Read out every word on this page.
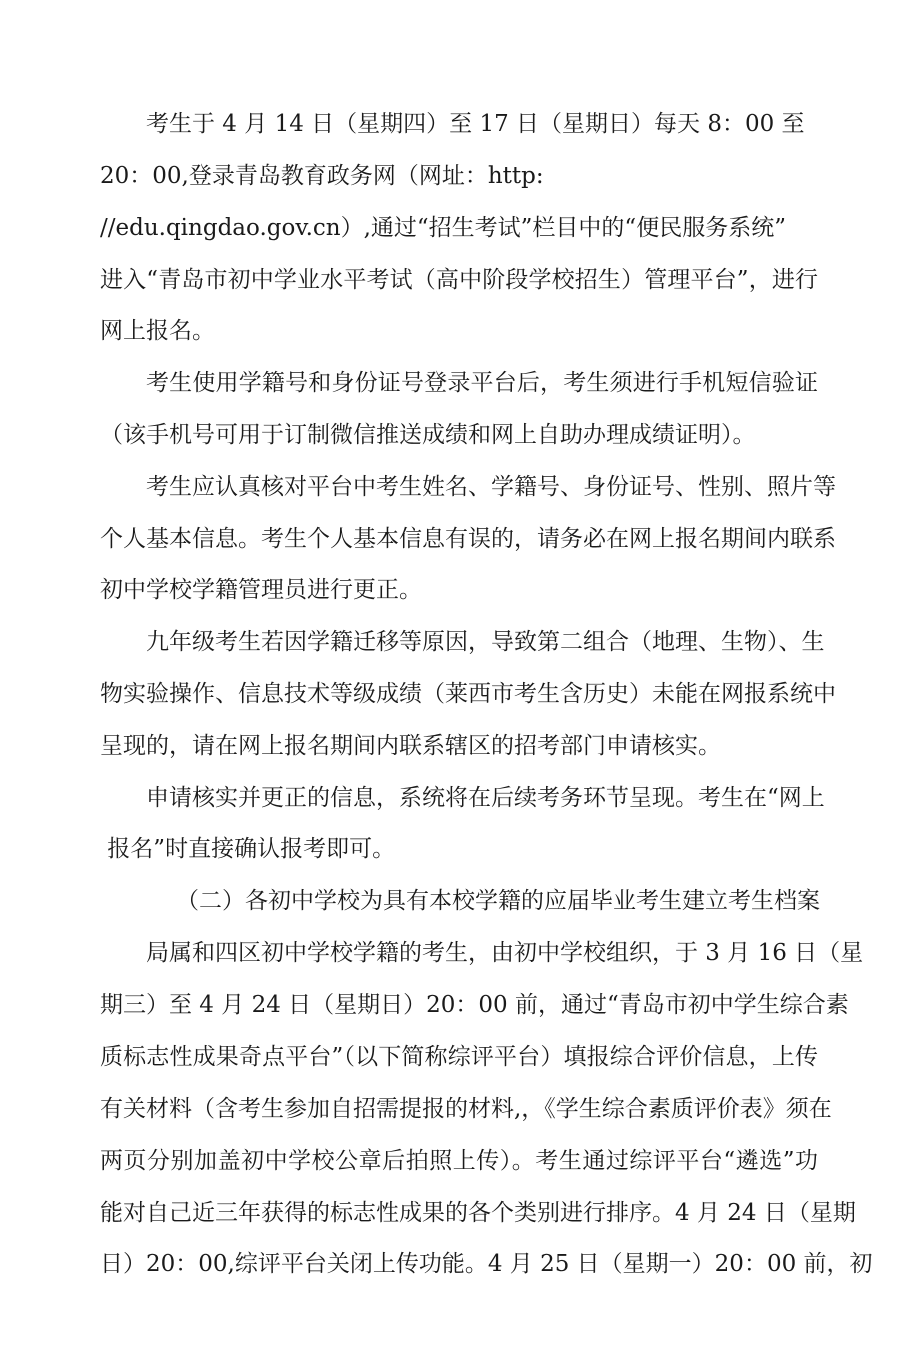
考生于 4 月 14 日（星期四）至 17 日（星期日）每天 8：00 至
20：00,登录青岛教育政务网（网址：http:
//edu.qingdao.gov.cn）,通过“招生考试”栏目中的“便民服务系统”
进入“青岛市初中学业水平考试（高中阶段学校招生）管理平台”，进行
网上报名。
考生使用学籍号和身份证号登录平台后，考生须进行手机短信验证
（该手机号可用于订制微信推送成绩和网上自助办理成绩证明）。
考生应认真核对平台中考生姓名、学籍号、身份证号、性别、照片等
个人基本信息。考生个人基本信息有误的，请务必在网上报名期间内联系
初中学校学籍管理员进行更正。
九年级考生若因学籍迁移等原因，导致第二组合（地理、生物）、生
物实验操作、信息技术等级成绩（莱西市考生含历史）未能在网报系统中
呈现的，请在网上报名期间内联系辖区的招考部门申请核实。
申请核实并更正的信息，系统将在后续考务环节呈现。考生在“网上
报名”时直接确认报考即可。
（二）各初中学校为具有本校学籍的应届毕业考生建立考生档案
局属和四区初中学校学籍的考生，由初中学校组织，于 3 月 16 日（星
期三）至 4 月 24 日（星期日）20：00 前，通过“青岛市初中学生综合素
质标志性成果奇点平台”（以下简称综评平台）填报综合评价信息，上传
有关材料（含考生参加自招需提报的材料,，《学生综合素质评价表》须在
两页分别加盖初中学校公章后拍照上传）。考生通过综评平台“遴选”功
能对自己近三年获得的标志性成果的各个类别进行排序。4 月 24 日（星期
日）20：00,综评平台关闭上传功能。4 月 25 日（星期一）20：00 前，初
